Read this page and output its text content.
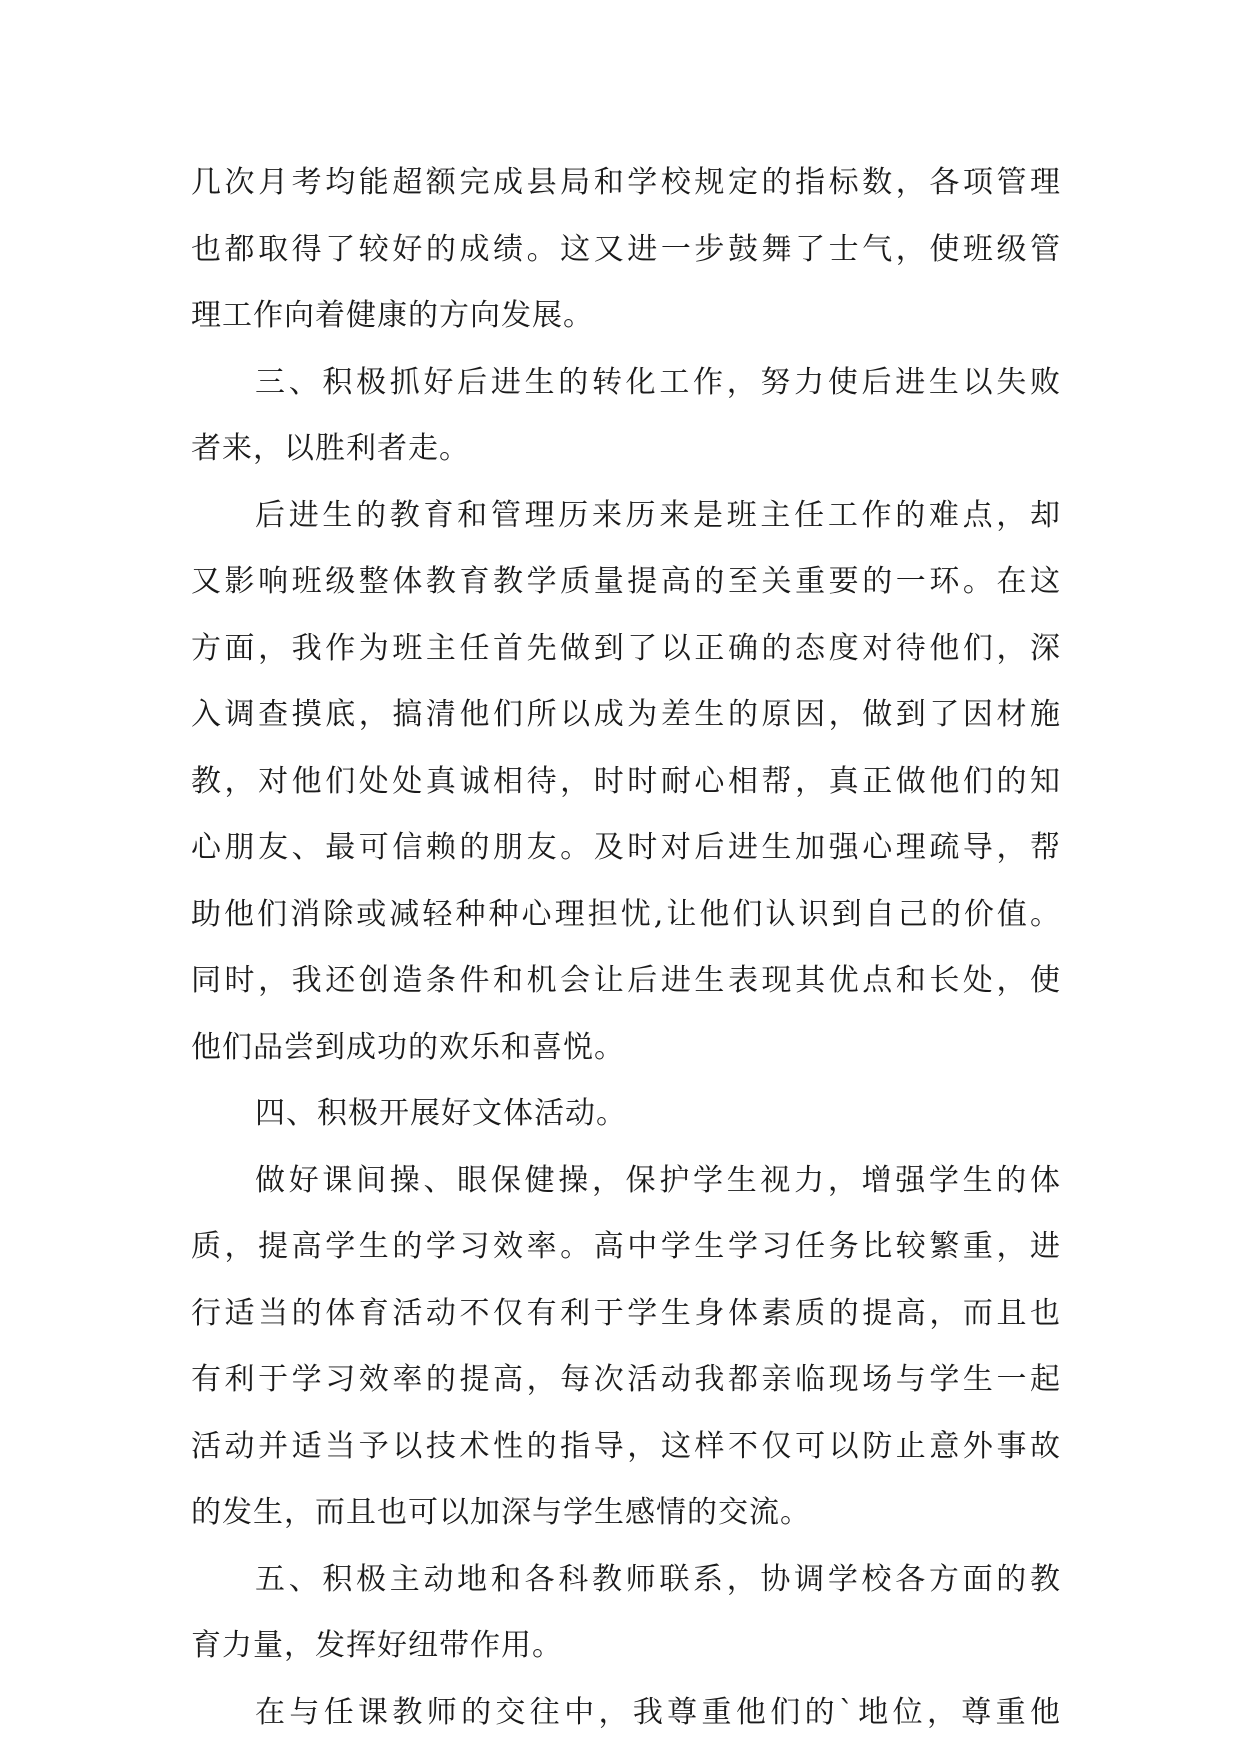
几次月考均能超额完成县局和学校规定的指标数，各项管理
也都取得了较好的成绩。这又进一步鼓舞了士气，使班级管
理工作向着健康的方向发展。
三、积极抓好后进生的转化工作，努力使后进生以失败
者来，以胜利者走。
后进生的教育和管理历来历来是班主任工作的难点，却
又影响班级整体教育教学质量提高的至关重要的一环。在这
方面，我作为班主任首先做到了以正确的态度对待他们，深
入调查摸底，搞清他们所以成为差生的原因，做到了因材施
教，对他们处处真诚相待，时时耐心相帮，真正做他们的知
心朋友、最可信赖的朋友。及时对后进生加强心理疏导，帮
助他们消除或减轻种种心理担忧,让他们认识到自己的价值。
同时，我还创造条件和机会让后进生表现其优点和长处，使
他们品尝到成功的欢乐和喜悦。
四、积极开展好文体活动。
做好课间操、眼保健操，保护学生视力，增强学生的体
质，提高学生的学习效率。高中学生学习任务比较繁重，进
行适当的体育活动不仅有利于学生身体素质的提高，而且也
有利于学习效率的提高，每次活动我都亲临现场与学生一起
活动并适当予以技术性的指导，这样不仅可以防止意外事故
的发生，而且也可以加深与学生感情的交流。
五、积极主动地和各科教师联系，协调学校各方面的教
育力量，发挥好纽带作用。
在与任课教师的交往中，我尊重他们的`地位，尊重他
